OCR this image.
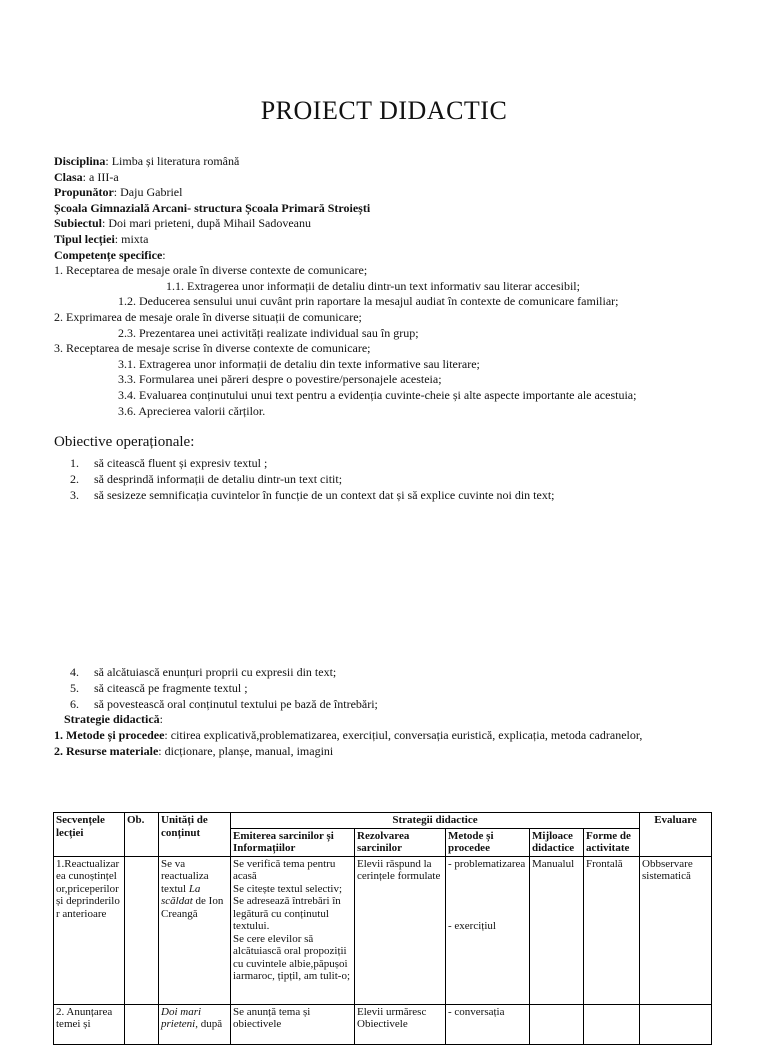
PROIECT DIDACTIC
Disciplina: Limba și literatura română
Clasa: a III-a
Propunător: Daju Gabriel
Școala Gimnazială Arcani- structura Școala Primară Stroiești
Subiectul: Doi mari prieteni, după Mihail Sadoveanu
Tipul lecției: mixta
Competențe specifice:
1. Receptarea de mesaje orale în diverse contexte de comunicare;
1.1. Extragerea unor informații de detaliu dintr-un text informativ sau literar accesibil;
1.2. Deducerea sensului unui cuvânt prin raportare la mesajul audiat în contexte de comunicare familiar;
2. Exprimarea de mesaje orale în diverse situații de comunicare;
2.3. Prezentarea unei activități realizate individual sau în grup;
3. Receptarea de mesaje scrise în diverse contexte de comunicare;
3.1. Extragerea unor informații de detaliu din texte informative sau literare;
3.3. Formularea unei păreri despre o povestire/personajele acesteia;
3.4. Evaluarea conținutului unui text pentru a evidenția cuvinte-cheie și alte aspecte importante ale acestuia;
3.6. Aprecierea valorii cărților.
Obiective operaționale:
1. să citească fluent și expresiv textul ;
2. să desprindă informații de detaliu dintr-un text citit;
3. să sesizeze semnificația cuvintelor în funcție de un context dat și să explice cuvinte noi din text;
4. să alcătuiască enunțuri proprii cu expresii din text;
5. să citească pe fragmente textul ;
6. să povestească oral conținutul textului pe bază de întrebări;
Strategie didactică:
1. Metode și procedee: citirea explicativă,problematizarea, exercițiul, conversația euristică, explicația, metoda cadranelor,
2. Resurse materiale: dicționare, planșe, manual, imagini
Secvențele lecției	Ob.	Unități de conținut	Strategii didactice					Evaluare
			Emiterea sarcinilor și Informațiilor	Rezolvarea sarcinilor	Metode și procedee	Mijloace didactice	Forme de activitate	
1.Reactualizarea cunoștințelor,priceperilor și deprinderilor anterioare		Se va reactualiza textul La scăldat de Ion Creangă	Se verifică tema pentru acasă
Se citește textul selectiv;
Se adresează întrebări în legătură cu conținutul textului.
Se cere elevilor să alcătuiască oral propoziții cu cuvintele albie,păpușoi iarmaroc, țipțil, am tulit-o;	Elevii răspund la cerințele formulate	- problematizarea

- exercițiul	Manualul	Frontală	Obbservare sistematică
2. Anunțarea temei și		Doi mari prieteni, după	Se anunță tema și obiectivele	Elevii urmăresc Obiectivele	- conversația			
